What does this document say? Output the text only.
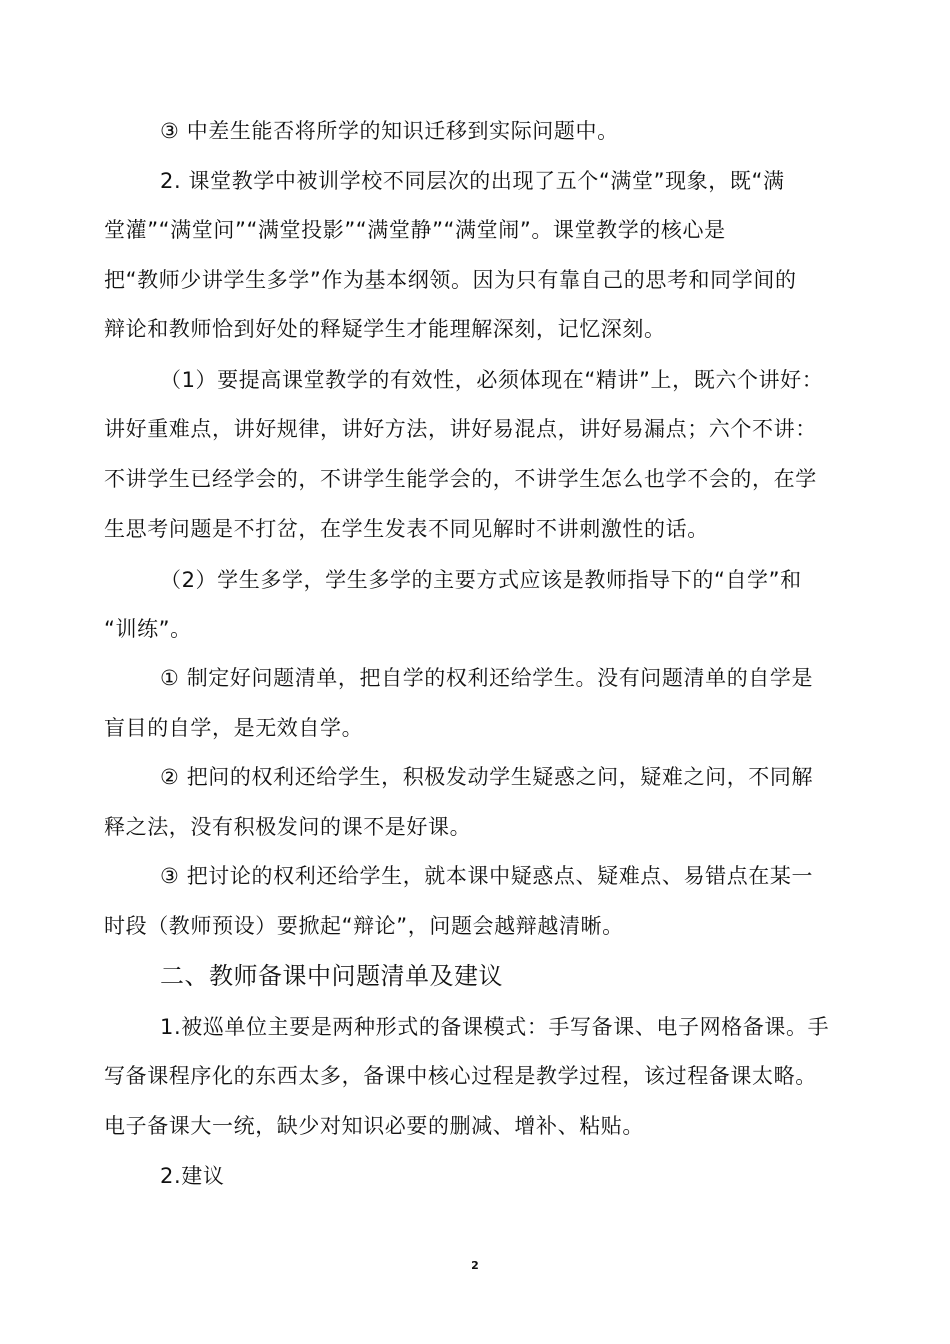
③ 中差生能否将所学的知识迁移到实际问题中。
2. 课堂教学中被训学校不同层次的出现了五个“满堂”现象，既“满
堂灌”“满堂问”“满堂投影”“满堂静”“满堂闹”。课堂教学的核心是
把“教师少讲学生多学”作为基本纲领。因为只有靠自己的思考和同学间的
辩论和教师恰到好处的释疑学生才能理解深刻，记忆深刻。
（1）要提高课堂教学的有效性，必须体现在“精讲”上，既六个讲好：
讲好重难点，讲好规律，讲好方法，讲好易混点，讲好易漏点；六个不讲：
不讲学生已经学会的，不讲学生能学会的，不讲学生怎么也学不会的，在学
生思考问题是不打岔，在学生发表不同见解时不讲刺激性的话。
（2）学生多学，学生多学的主要方式应该是教师指导下的“自学”和
“训练”。
① 制定好问题清单，把自学的权利还给学生。没有问题清单的自学是
盲目的自学，是无效自学。
② 把问的权利还给学生，积极发动学生疑惑之问，疑难之问，不同解
释之法，没有积极发问的课不是好课。
③ 把讨论的权利还给学生，就本课中疑惑点、疑难点、易错点在某一
时段（教师预设）要掀起“辩论”，问题会越辩越清晰。
二、教师备课中问题清单及建议
1.被巡单位主要是两种形式的备课模式：手写备课、电子网格备课。手
写备课程序化的东西太多，备课中核心过程是教学过程，该过程备课太略。
电子备课大一统，缺少对知识必要的删减、增补、粘贴。
2.建议
2
